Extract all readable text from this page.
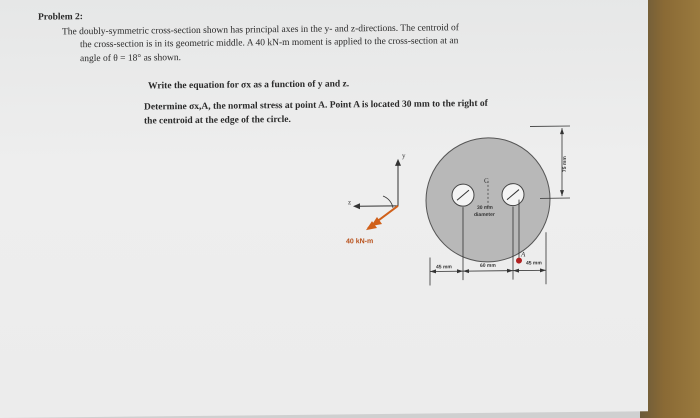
Problem 2:
The doubly-symmetric cross-section shown has principal axes in the y- and z-directions. The centroid of
the cross-section is in its geometric middle. A 40 kN-m moment is applied to the cross-section at an
angle of θ = 18° as shown.
Write the equation for σx as a function of y and z.
Determine σx,A, the normal stress at point A. Point A is located 30 mm to the right of
the centroid at the edge of the circle.
y
z
40 kN-m
C
30 mm
diameter
A
75 mm
45 mm	60 mm	45 mm
